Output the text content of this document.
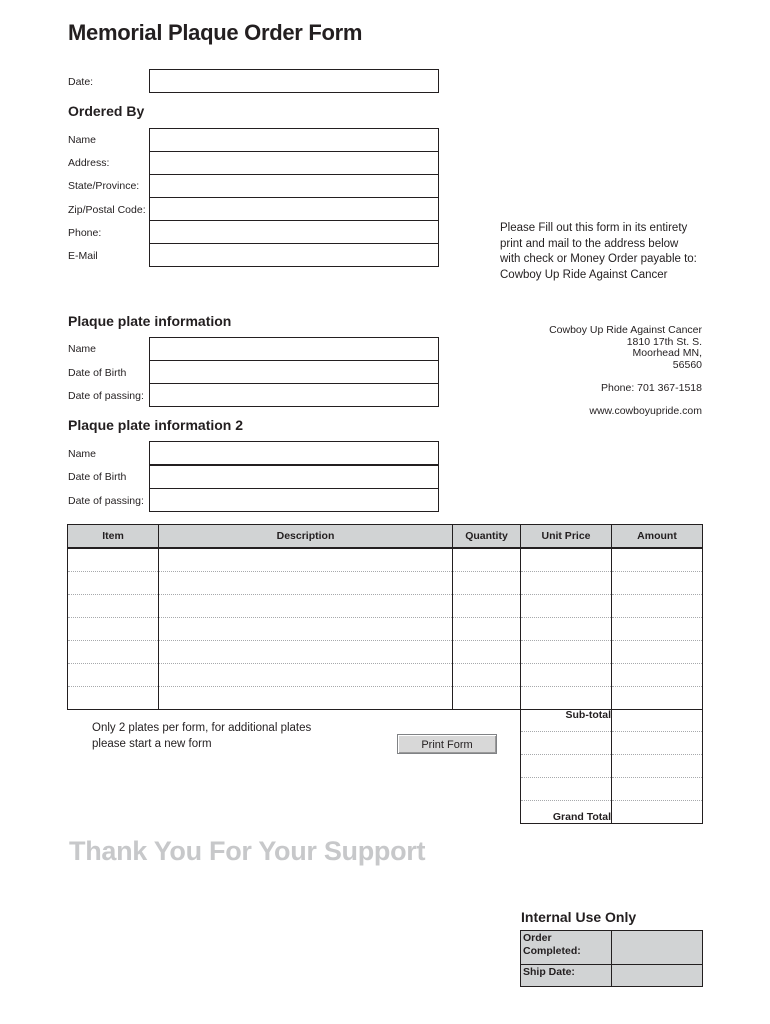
Memorial Plaque Order Form
Date:
Ordered By
Name
Address:
State/Province:
Zip/Postal Code:
Phone:
E-Mail
Please Fill out this form in its entirety
print and mail to the address below
with check or Money Order payable to:
Cowboy Up Ride Against Cancer
Plaque plate information
Name
Date of Birth
Date of passing:
Cowboy Up Ride Against Cancer
1810 17th St. S.
Moorhead MN,
56560
Phone: 701 367-1518
www.cowboyupride.com
Plaque plate information 2
Name
Date of Birth
Date of passing:
Item	Description	Quantity	Unit Price	Amount

Only 2 plates per form, for additional plates
please start a new form	Print Form
Sub-total	

Grand Total	
Thank You For Your Support
Internal Use Only
Order Completed:	
Ship Date:	
